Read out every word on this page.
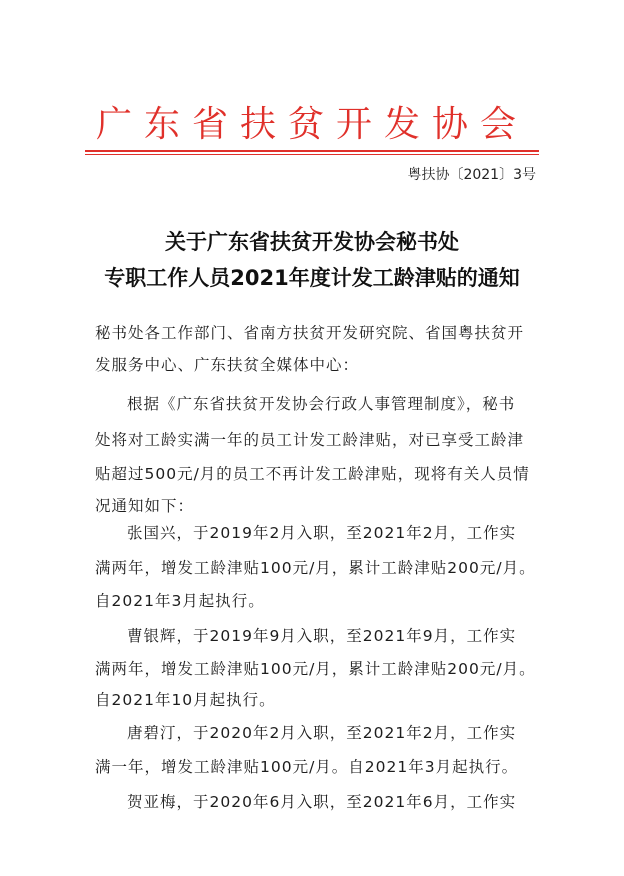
广东省扶贫开发协会
粤扶协〔2021〕3号
关于广东省扶贫开发协会秘书处
专职工作人员2021年度计发工龄津贴的通知
秘书处各工作部门、省南方扶贫开发研究院、省国粤扶贫开
发服务中心、广东扶贫全媒体中心：
根据《广东省扶贫开发协会行政人事管理制度》，秘书
处将对工龄实满一年的员工计发工龄津贴，对已享受工龄津
贴超过500元/月的员工不再计发工龄津贴，现将有关人员情
况通知如下：
张国兴，于2019年2月入职，至2021年2月，工作实
满两年，增发工龄津贴100元/月，累计工龄津贴200元/月。
自2021年3月起执行。
曹银辉，于2019年9月入职，至2021年9月，工作实
满两年，增发工龄津贴100元/月，累计工龄津贴200元/月。
自2021年10月起执行。
唐碧汀，于2020年2月入职，至2021年2月，工作实
满一年，增发工龄津贴100元/月。自2021年3月起执行。
贺亚梅，于2020年6月入职，至2021年6月，工作实
